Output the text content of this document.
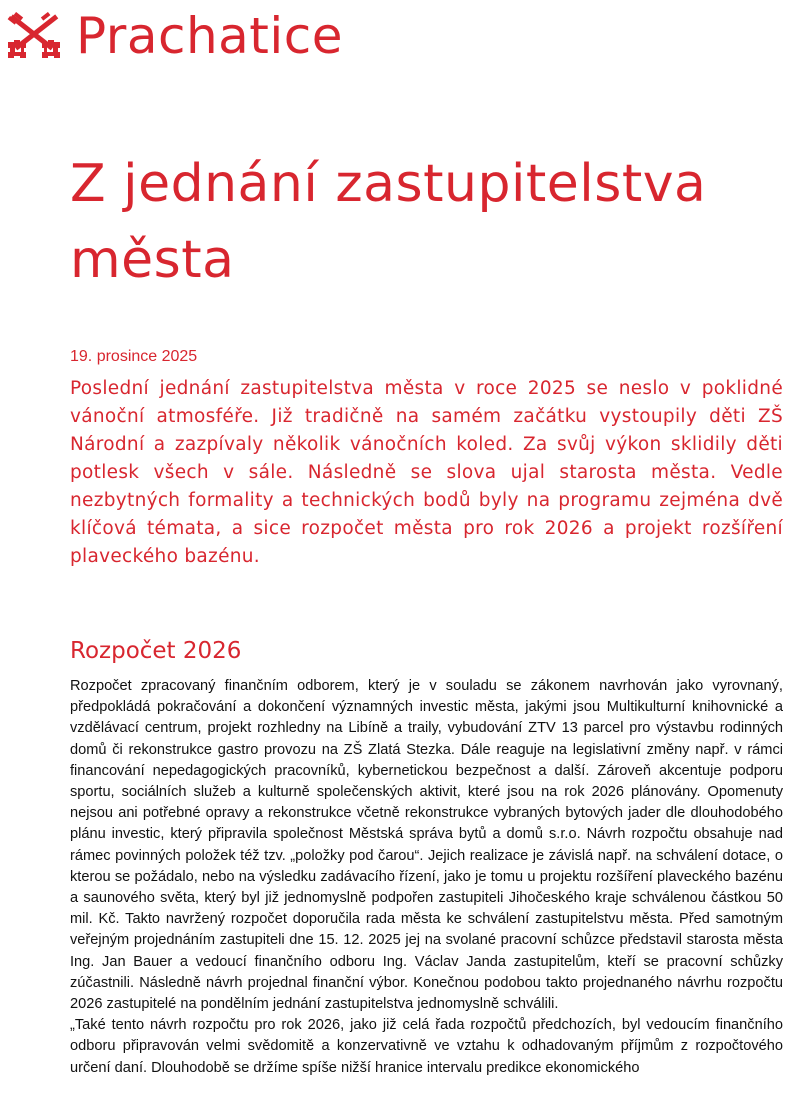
Prachatice
Z jednání zastupitelstva města
19. prosince 2025

Poslední jednání zastupitelstva města v roce 2025 se neslo v poklidné vánoční atmosféře. Již tradičně na samém začátku vystoupily děti ZŠ Národní a zazpívaly několik vánočních koled. Za svůj výkon sklidily děti potlesk všech v sále. Následně se slova ujal starosta města. Vedle nezbytných formality a technických bodů byly na programu zejména dvě klíčová témata, a sice rozpočet města pro rok 2026 a projekt rozšíření plaveckého bazénu.

Rozpočet 2026

Rozpočet zpracovaný finančním odborem, který je v souladu se zákonem navrhován jako vyrovnaný, předpokládá pokračování a dokončení významných investic města, jakými jsou Multikulturní knihovnické a vzdělávací centrum, projekt rozhledny na Libíně a traily, vybudování ZTV 13 parcel pro výstavbu rodinných domů či rekonstrukce gastro provozu na ZŠ Zlatá Stezka. Dále reaguje na legislativní změny např. v rámci financování nepedagogických pracovníků, kybernetickou bezpečnost a další. Zároveň akcentuje podporu sportu, sociálních služeb a kulturně společenských aktivit, které jsou na rok 2026 plánovány. Opomenuty nejsou ani potřebné opravy a rekonstrukce včetně rekonstrukce vybraných bytových jader dle dlouhodobého plánu investic, který připravila společnost Městská správa bytů a domů s.r.o. Návrh rozpočtu obsahuje nad rámec povinných položek též tzv. „položky pod čarou“. Jejich realizace je závislá např. na schválení dotace, o kterou se požádalo, nebo na výsledku zadávacího řízení, jako je tomu u projektu rozšíření plaveckého bazénu a saunového světa, který byl již jednomyslně podpořen zastupiteli Jihočeského kraje schválenou částkou 50 mil. Kč. Takto navržený rozpočet doporučila rada města ke schválení zastupitelstvu města. Před samotným veřejným projednáním zastupiteli dne 15. 12. 2025 jej na svolané pracovní schůzce představil starosta města Ing. Jan Bauer a vedoucí finančního odboru Ing. Václav Janda zastupitelům, kteří se pracovní schůzky zúčastnili. Následně návrh projednal finanční výbor. Konečnou podobou takto projednaného návrhu rozpočtu 2026 zastupitelé na pondělním jednání zastupitelstva jednomyslně schválili.

„Také tento návrh rozpočtu pro rok 2026, jako již celá řada rozpočtů předchozích, byl vedoucím finančního odboru připravován velmi svědomitě a konzervativně ve vztahu k odhadovaným příjmům z rozpočtového určení daní. Dlouhodobě se držíme spíše nižší hranice intervalu predikce ekonomického
